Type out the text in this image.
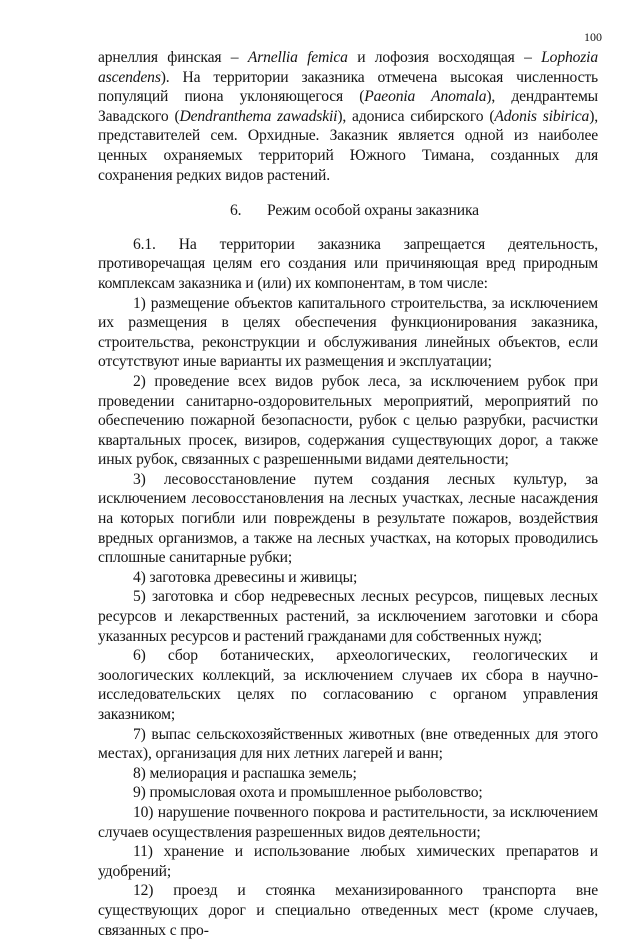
100

арнеллия финская – Arnellia femica и лофозия восходящая – Lophozia ascendens). На территории заказника отмечена высокая численность популяций пиона уклоняющегося (Paeonia Anomala), дендрантемы Завадского (Dendranthema zawadskii), адониса сибирского (Adonis sibirica), представителей сем. Орхидные. Заказник является одной из наиболее ценных охраняемых территорий Южного Тимана, созданных для сохранения редких видов растений.

6. Режим особой охраны заказника

6.1. На территории заказника запрещается деятельность, противоречащая целям его создания или причиняющая вред природным комплексам заказника и (или) их компонентам, в том числе:

1) размещение объектов капитального строительства, за исключением их размещения в целях обеспечения функционирования заказника, строительства, реконструкции и обслуживания линейных объектов, если отсутствуют иные варианты их размещения и эксплуатации;

2) проведение всех видов рубок леса, за исключением рубок при проведении санитарно-оздоровительных мероприятий, мероприятий по обеспечению пожарной безопасности, рубок с целью разрубки, расчистки квартальных просек, визиров, содержания существующих дорог, а также иных рубок, связанных с разрешенными видами деятельности;

3) лесовосстановление путем создания лесных культур, за исключением лесовосстановления на лесных участках, лесные насаждения на которых погибли или повреждены в результате пожаров, воздействия вредных организмов, а также на лесных участках, на которых проводились сплошные санитарные рубки;

4) заготовка древесины и живицы;

5) заготовка и сбор недревесных лесных ресурсов, пищевых лесных ресурсов и лекарственных растений, за исключением заготовки и сбора указанных ресурсов и растений гражданами для собственных нужд;

6) сбор ботанических, археологических, геологических и зоологических коллекций, за исключением случаев их сбора в научно-исследовательских целях по согласованию с органом управления заказником;

7) выпас сельскохозяйственных животных (вне отведенных для этого местах), организация для них летних лагерей и ванн;

8) мелиорация и распашка земель;

9) промысловая охота и промышленное рыболовство;

10) нарушение почвенного покрова и растительности, за исключением случаев осуществления разрешенных видов деятельности;

11) хранение и использование любых химических препаратов и удобрений;

12) проезд и стоянка механизированного транспорта вне существующих дорог и специально отведенных мест (кроме случаев, связанных с про-
